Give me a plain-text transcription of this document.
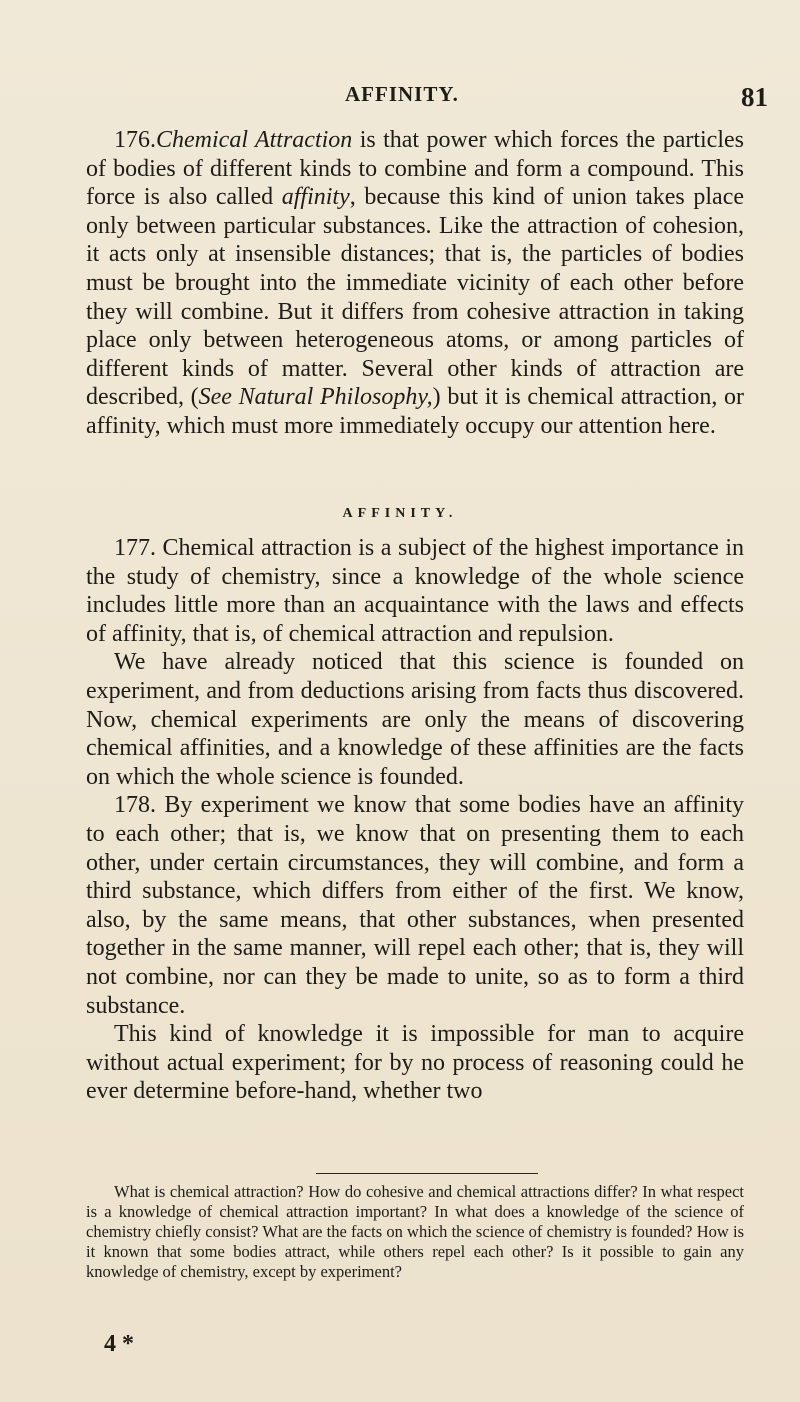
AFFINITY.	81

176.Chemical Attraction is that power which forces the particles of bodies of different kinds to combine and form a compound. This force is also called affinity, because this kind of union takes place only between particular substances. Like the attraction of cohesion, it acts only at insensible distances; that is, the particles of bodies must be brought into the immediate vicinity of each other before they will combine. But it differs from cohesive attraction in taking place only between heterogeneous atoms, or among particles of different kinds of matter. Several other kinds of attraction are described, (See Natural Philosophy,) but it is chemical attraction, or affinity, which must more immediately occupy our attention here.

AFFINITY.

177. Chemical attraction is a subject of the highest importance in the study of chemistry, since a knowledge of the whole science includes little more than an acquaintance with the laws and effects of affinity, that is, of chemical attraction and repulsion.

We have already noticed that this science is founded on experiment, and from deductions arising from facts thus discovered. Now, chemical experiments are only the means of discovering chemical affinities, and a knowledge of these affinities are the facts on which the whole science is founded.

178. By experiment we know that some bodies have an affinity to each other; that is, we know that on presenting them to each other, under certain circumstances, they will combine, and form a third substance, which differs from either of the first. We know, also, by the same means, that other substances, when presented together in the same manner, will repel each other; that is, they will not combine, nor can they be made to unite, so as to form a third substance.

This kind of knowledge it is impossible for man to acquire without actual experiment; for by no process of reasoning could he ever determine before-hand, whether two

What is chemical attraction? How do cohesive and chemical attractions differ? In what respect is a knowledge of chemical attraction important? In what does a knowledge of the science of chemistry chiefly consist? What are the facts on which the science of chemistry is founded? How is it known that some bodies attract, while others repel each other? Is it possible to gain any knowledge of chemistry, except by experiment?

4 *
